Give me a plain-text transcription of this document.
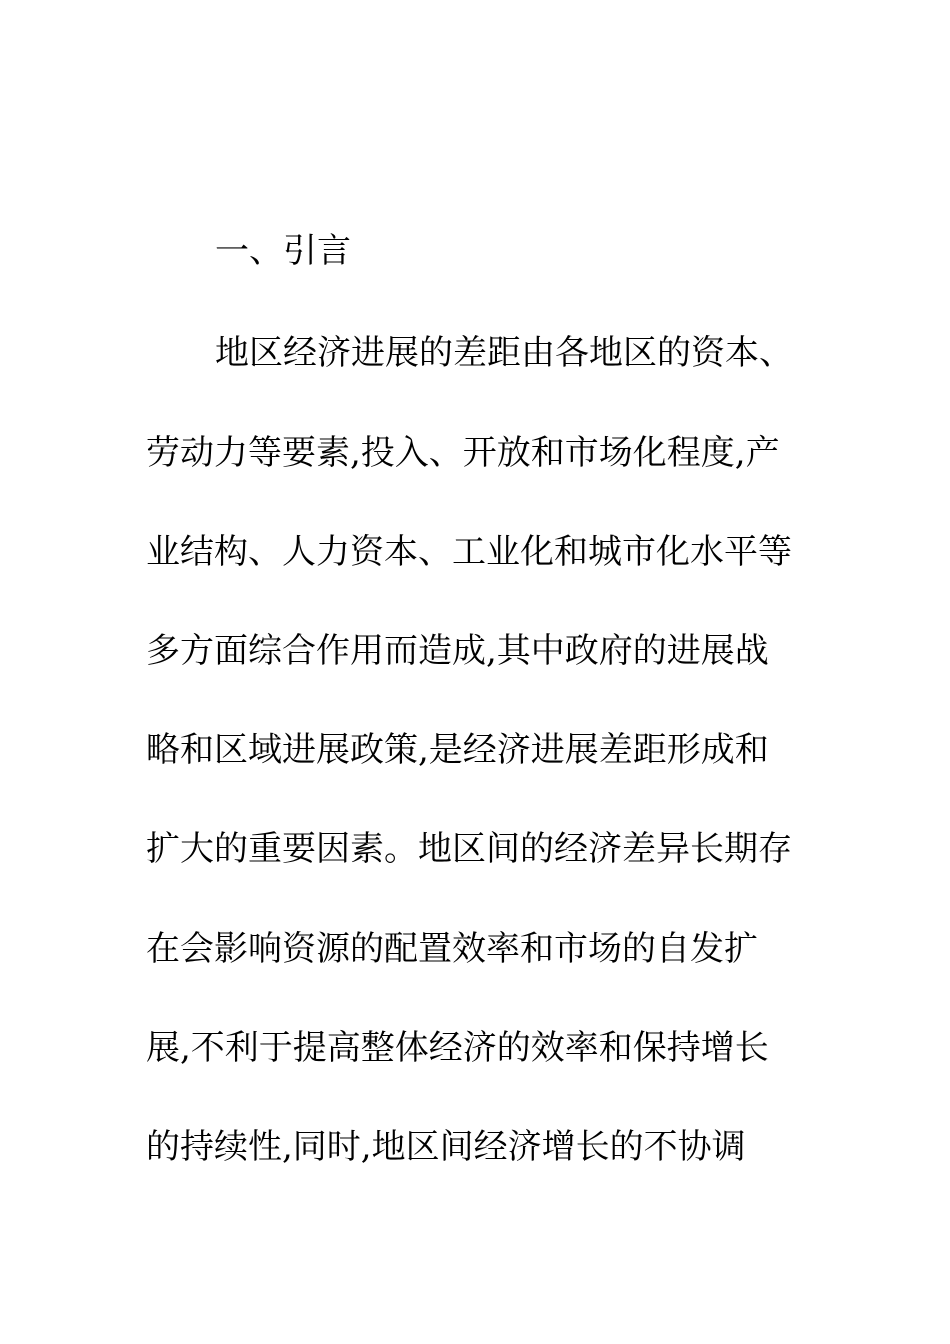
一、引言
地区经济进展的差距由各地区的资本、
劳动力等要素,投入、开放和市场化程度,产
业结构、人力资本、工业化和城市化水平等
多方面综合作用而造成,其中政府的进展战
略和区域进展政策,是经济进展差距形成和
扩大的重要因素。地区间的经济差异长期存
在会影响资源的配置效率和市场的自发扩
展,不利于提高整体经济的效率和保持增长
的持续性,同时,地区间经济增长的不协调
